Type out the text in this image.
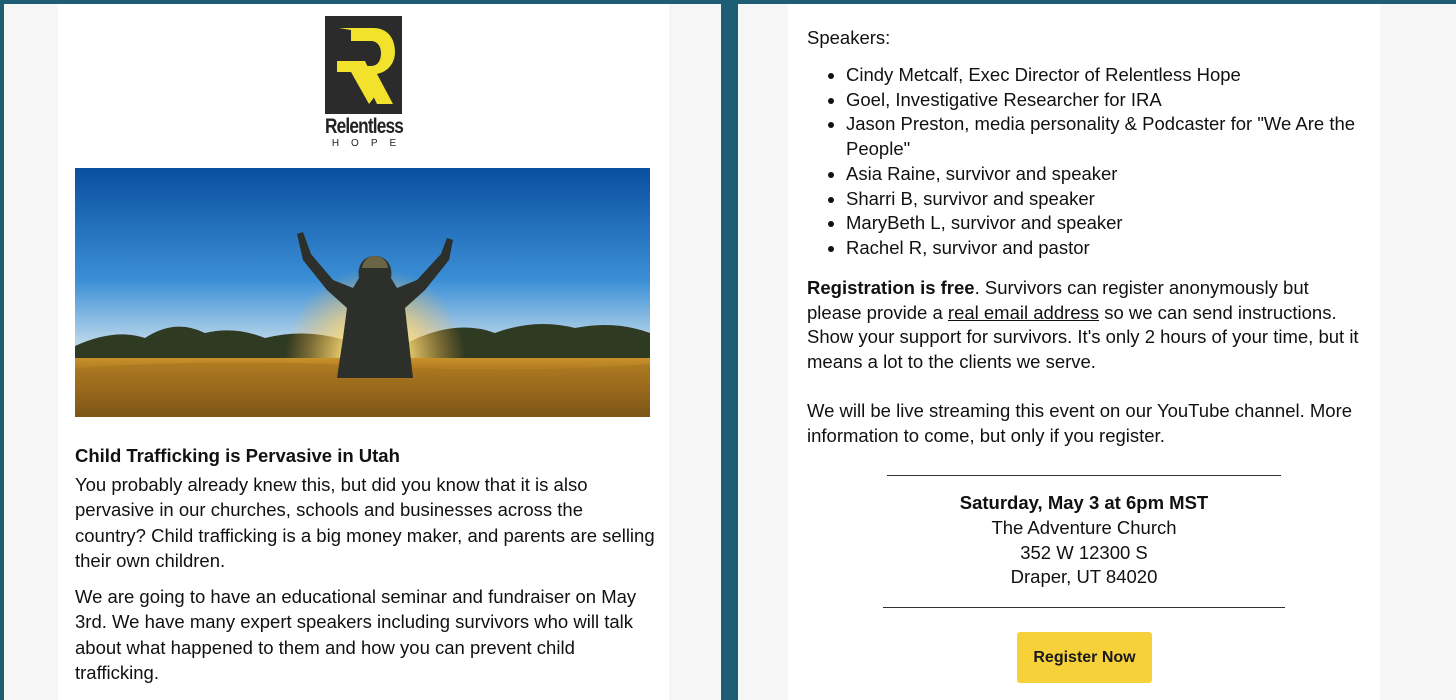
Relentless
HOPE
Child Trafficking is Pervasive in Utah

You probably already knew this, but did you know that it is also pervasive in our churches, schools and businesses across the country? Child trafficking is a big money maker, and parents are selling their own children.

We are going to have an educational seminar and fundraiser on May 3rd. We have many expert speakers including survivors who will talk about what happened to them and how you can prevent child trafficking.

Speakers:
• Cindy Metcalf, Exec Director of Relentless Hope
• Goel, Investigative Researcher for IRA
• Jason Preston, media personality & Podcaster for "We Are the People"
• Asia Raine, survivor and speaker
• Sharri B, survivor and speaker
• MaryBeth L, survivor and speaker
• Rachel R, survivor and pastor
Registration is free. Survivors can register anonymously but please provide a real email address so we can send instructions. Show your support for survivors. It's only 2 hours of your time, but it means a lot to the clients we serve.
We will be live streaming this event on our YouTube channel. More information to come, but only if you register.
Saturday, May 3 at 6pm MST
The Adventure Church
352 W 12300 S
Draper, UT 84020
Register Now
